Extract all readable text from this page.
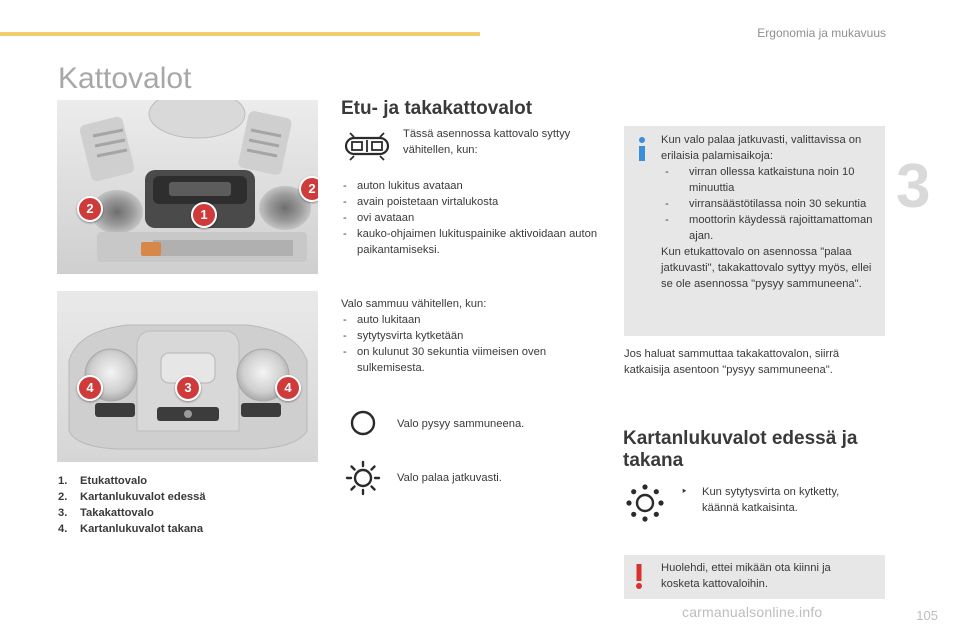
Ergonomia ja mukavuus
3
Kattovalot
1
2
2
3
4	4
1. Etukattovalo
2. Kartanlukuvalot edessä
3. Takakattovalo
4. Kartanlukuvalot takana
Etu- ja takakattovalot
Tässä asennossa kattovalo syttyy vähitellen, kun:
- auton lukitus avataan
- avain poistetaan virtalukosta
- ovi avataan
- kauko-ohjaimen lukituspainike aktivoidaan auton paikantamiseksi.
Valo sammuu vähitellen, kun:
- auto lukitaan
- sytytysvirta kytketään
- on kulunut 30 sekuntia viimeisen oven sulkemisesta.
Valo pysyy sammuneena.
Valo palaa jatkuvasti.
Kun valo palaa jatkuvasti, valittavissa on erilaisia palamisaikoja:
- virran ollessa katkaistuna noin 10 minuuttia
- virransäästötilassa noin 30 sekuntia
- moottorin käydessä rajoittamattoman ajan.
Kun etukattovalo on asennossa "palaa jatkuvasti", takakattovalo syttyy myös, ellei se ole asennossa "pysyy sammuneena".
Jos haluat sammuttaa takakattovalon, siirrä katkaisija asentoon "pysyy sammuneena".
Kartanlukuvalot edessä ja takana
‣ Kun sytytysvirta on kytketty, käännä katkaisinta.
Huolehdi, ettei mikään ota kiinni ja kosketa kattovaloihin.
carmanualsonline.info	105
